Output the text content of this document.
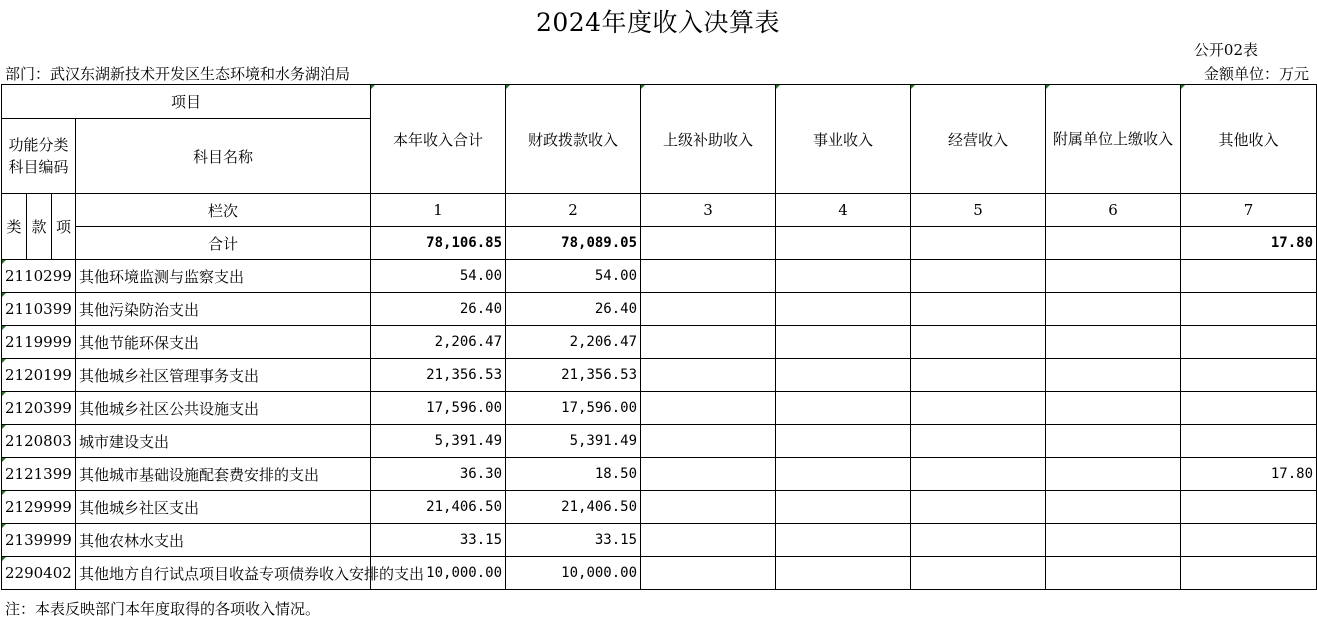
2024年度收入决算表
公开02表
部门：武汉东湖新技术开发区生态环境和水务湖泊局	金额单位：万元
项目				本年收入合计	财政拨款收入	上级补助收入	事业收入	经营收入	附属单位上缴收入	其他收入
功能分类科目编码			科目名称							
类	款	项	栏次	1	2	3	4	5	6	7
			合计	78,106.85	78,089.05					17.80
2110299			其他环境监测与监察支出	54.00	54.00					
2110399			其他污染防治支出	26.40	26.40					
2119999			其他节能环保支出	2,206.47	2,206.47					
2120199			其他城乡社区管理事务支出	21,356.53	21,356.53					
2120399			其他城乡社区公共设施支出	17,596.00	17,596.00					
2120803			城市建设支出	5,391.49	5,391.49					
2121399			其他城市基础设施配套费安排的支出	36.30	18.50					17.80
2129999			其他城乡社区支出	21,406.50	21,406.50					
2139999			其他农林水支出	33.15	33.15					
2290402			其他地方自行试点项目收益专项债券收入安排的支出	10,000.00	10,000.00					
注：本表反映部门本年度取得的各项收入情况。
